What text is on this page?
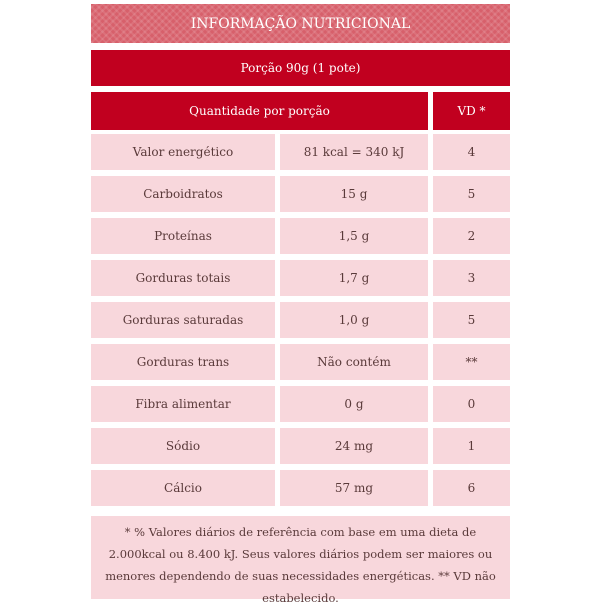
INFORMAÇÃO NUTRICIONAL
Porção 90g (1 pote)
Quantidade por porção	VD *
Valor energético	81 kcal = 340 kJ	4
Carboidratos	15 g	5
Proteínas	1,5 g	2
Gorduras totais	1,7 g	3
Gorduras saturadas	1,0 g	5
Gorduras trans	Não contém	**
Fibra alimentar	0 g	0
Sódio	24 mg	1
Cálcio	57 mg	6
* % Valores diários de referência com base em uma dieta de 2.000kcal ou 8.400 kJ. Seus valores diários podem ser maiores ou menores dependendo de suas necessidades energéticas. ** VD não estabelecido.
